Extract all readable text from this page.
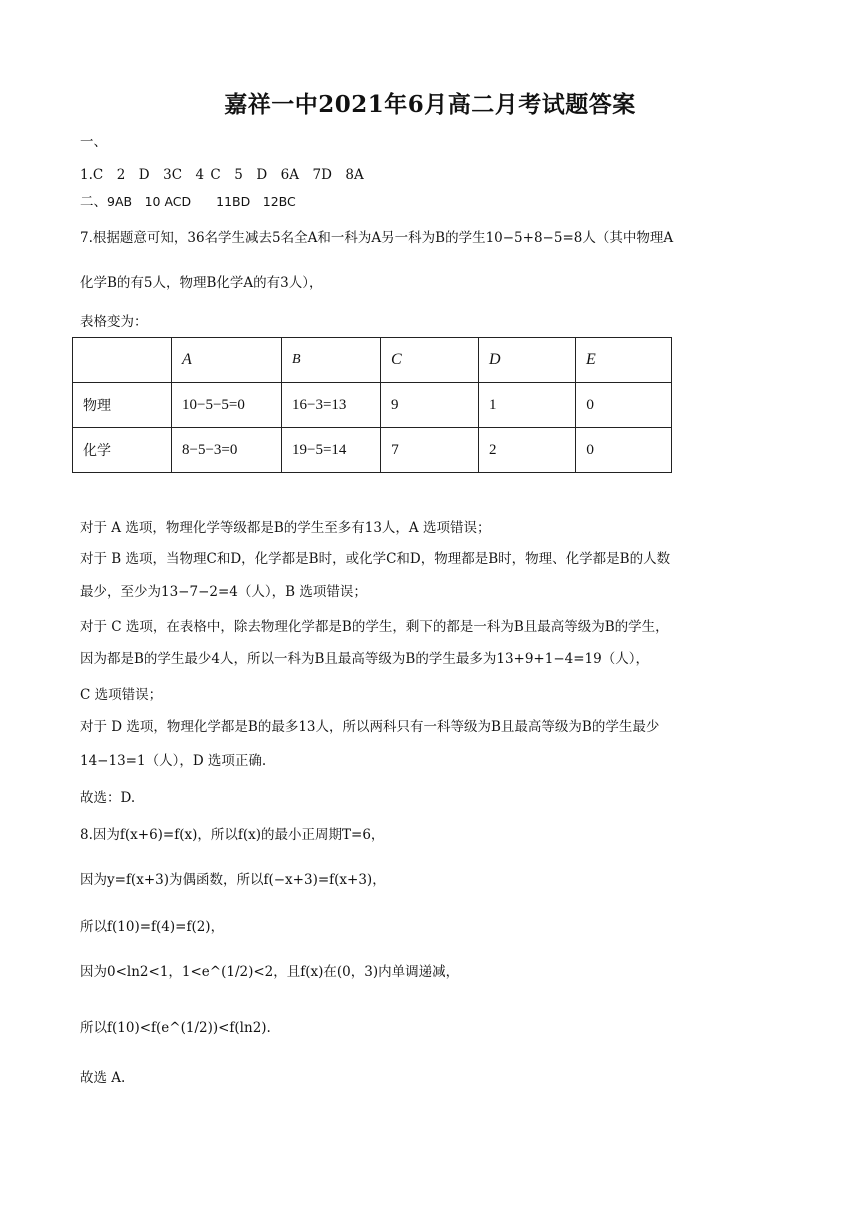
嘉祥一中2021年6月高二月考试题答案
一、
1.C　2　D　3C　4 C　5　D　6A　7D　8A
二、9AB　10 ACD　　11BD　12BC
7.根据题意可知，36名学生减去5名全A和一科为A另一科为B的学生10−5+8−5=8人（其中物理A
化学B的有5人，物理B化学A的有3人），
表格变为：
	A	B	C	D	E
物理	10−5−5=0	16−3=13	9	1	0
化学	8−5−3=0	19−5=14	7	2	0
对于 A 选项，物理化学等级都是B的学生至多有13人，A 选项错误；
对于 B 选项，当物理C和D，化学都是B时，或化学C和D，物理都是B时，物理、化学都是B的人数
最少，至少为13−7−2=4（人），B 选项错误；
对于 C 选项，在表格中，除去物理化学都是B的学生，剩下的都是一科为B且最高等级为B的学生，
因为都是B的学生最少4人，所以一科为B且最高等级为B的学生最多为13+9+1−4=19（人），
C 选项错误；
对于 D 选项，物理化学都是B的最多13人，所以两科只有一科等级为B且最高等级为B的学生最少
14−13=1（人），D 选项正确.
故选：D.
8.因为f(x+6)=f(x)，所以f(x)的最小正周期T=6，
因为y=f(x+3)为偶函数，所以f(−x+3)=f(x+3)，
所以f(10)=f(4)=f(2)，
因为0<ln2<1，1<e^(1/2)<2，且f(x)在(0，3)内单调递减，
所以f(10)<f(e^(1/2))<f(ln2).
故选 A.
